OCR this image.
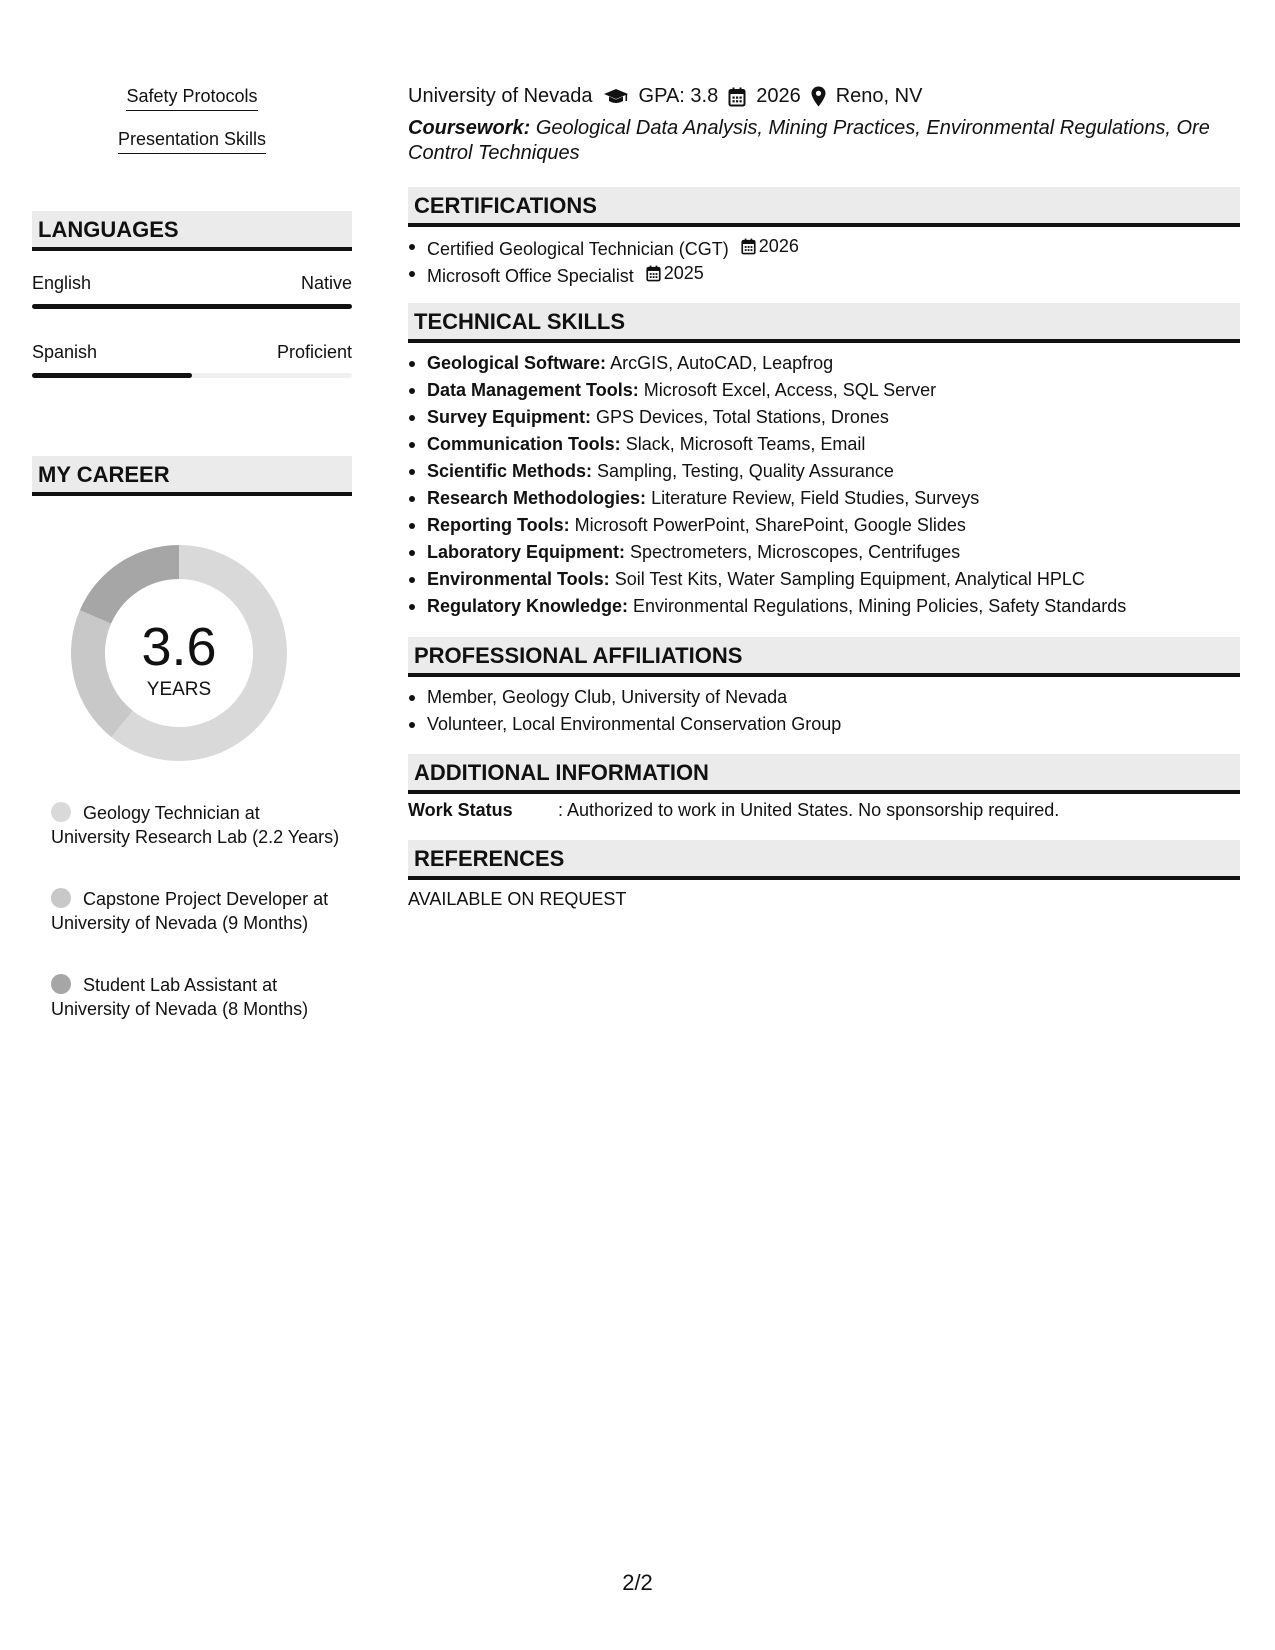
Safety Protocols
Presentation Skills
LANGUAGES
English	Native
Spanish	Proficient
MY CAREER
3.6
YEARS
Geology Technician at University Research Lab (2.2 Years)
Capstone Project Developer at University of Nevada (9 Months)
Student Lab Assistant at University of Nevada (8 Months)
University of Nevada GPA: 3.8 2026 Reno, NV
Coursework: Geological Data Analysis, Mining Practices, Environmental Regulations, Ore Control Techniques
CERTIFICATIONS
Certified Geological Technician (CGT) 2026
Microsoft Office Specialist 2025
TECHNICAL SKILLS
Geological Software: ArcGIS, AutoCAD, Leapfrog
Data Management Tools: Microsoft Excel, Access, SQL Server
Survey Equipment: GPS Devices, Total Stations, Drones
Communication Tools: Slack, Microsoft Teams, Email
Scientific Methods: Sampling, Testing, Quality Assurance
Research Methodologies: Literature Review, Field Studies, Surveys
Reporting Tools: Microsoft PowerPoint, SharePoint, Google Slides
Laboratory Equipment: Spectrometers, Microscopes, Centrifuges
Environmental Tools: Soil Test Kits, Water Sampling Equipment, Analytical HPLC
Regulatory Knowledge: Environmental Regulations, Mining Policies, Safety Standards
PROFESSIONAL AFFILIATIONS
Member, Geology Club, University of Nevada
Volunteer, Local Environmental Conservation Group
ADDITIONAL INFORMATION
Work Status	: Authorized to work in United States. No sponsorship required.
REFERENCES
AVAILABLE ON REQUEST
2/2
